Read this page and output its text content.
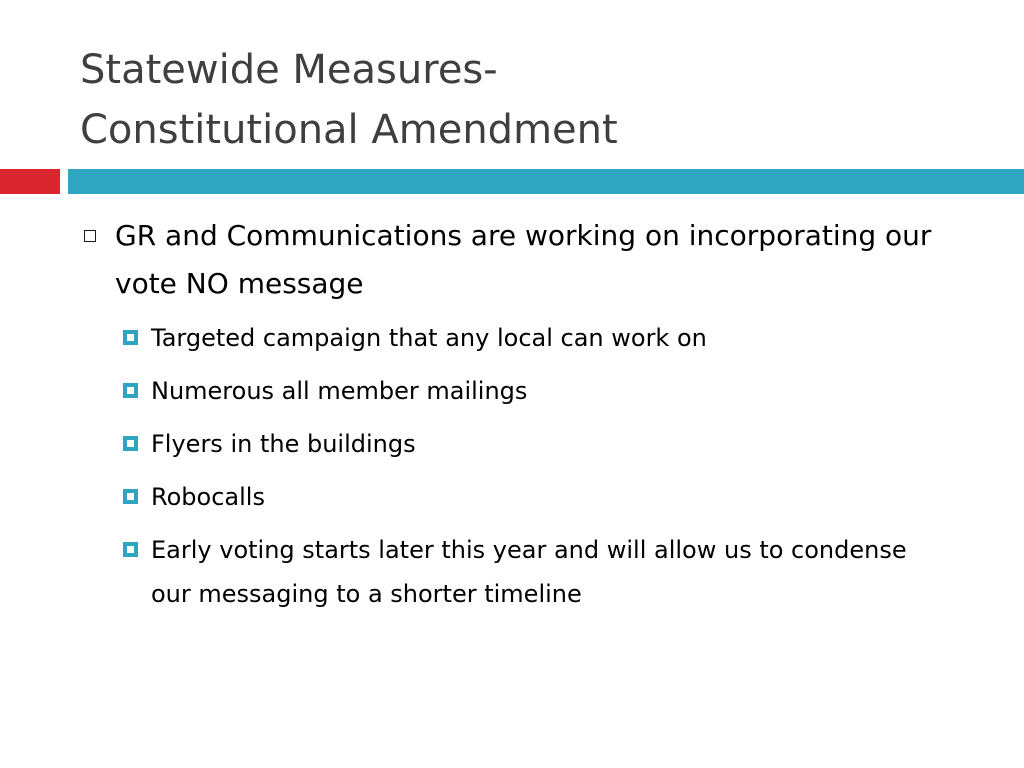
Statewide Measures-
Constitutional Amendment
GR and Communications are working on incorporating our vote NO message
Targeted campaign that any local can work on
Numerous all member mailings
Flyers in the buildings
Robocalls
Early voting starts later this year and will allow us to condense our messaging to a shorter timeline
